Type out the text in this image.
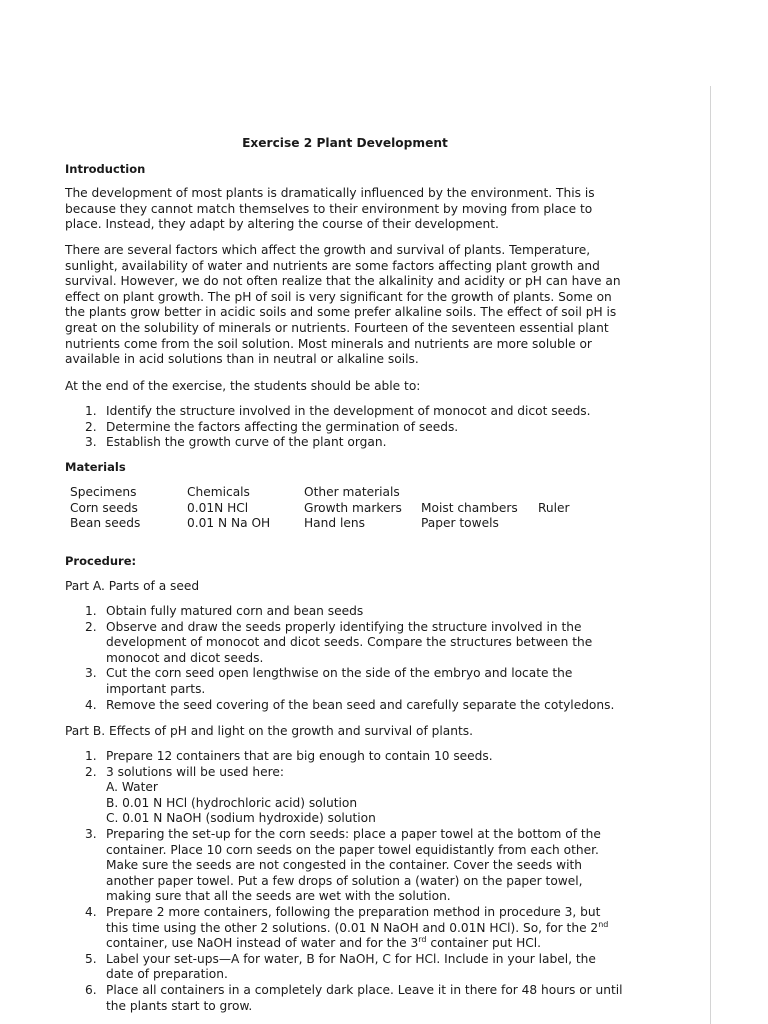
Exercise 2 Plant Development
Introduction
The development of most plants is dramatically influenced by the environment. This is because they cannot match themselves to their environment by moving from place to place. Instead, they adapt by altering the course of their development.
There are several factors which affect the growth and survival of plants. Temperature, sunlight, availability of water and nutrients are some factors affecting plant growth and survival. However, we do not often realize that the alkalinity and acidity or pH can have an effect on plant growth. The pH of soil is very significant for the growth of plants. Some on the plants grow better in acidic soils and some prefer alkaline soils. The effect of soil pH is great on the solubility of minerals or nutrients. Fourteen of the seventeen essential plant nutrients come from the soil solution. Most minerals and nutrients are more soluble or available in acid solutions than in neutral or alkaline soils.
At the end of the exercise, the students should be able to:
1. Identify the structure involved in the development of monocot and dicot seeds.
2. Determine the factors affecting the germination of seeds.
3. Establish the growth curve of the plant organ.
Materials
Specimens	Chemicals	Other materials		
Corn seeds	0.01N HCl	Growth markers	Moist chambers	Ruler
Bean seeds	0.01 N Na OH	Hand lens	Paper towels	
Procedure:
Part A. Parts of a seed
1. Obtain fully matured corn and bean seeds
2. Observe and draw the seeds properly identifying the structure involved in the development of monocot and dicot seeds. Compare the structures between the monocot and dicot seeds.
3. Cut the corn seed open lengthwise on the side of the embryo and locate the important parts.
4. Remove the seed covering of the bean seed and carefully separate the cotyledons.
Part B. Effects of pH and light on the growth and survival of plants.
1. Prepare 12 containers that are big enough to contain 10 seeds.
2. 3 solutions will be used here:
A. Water
B. 0.01 N HCl (hydrochloric acid) solution
C. 0.01 N NaOH (sodium hydroxide) solution
3. Preparing the set-up for the corn seeds: place a paper towel at the bottom of the container. Place 10 corn seeds on the paper towel equidistantly from each other. Make sure the seeds are not congested in the container. Cover the seeds with another paper towel. Put a few drops of solution a (water) on the paper towel, making sure that all the seeds are wet with the solution.
4. Prepare 2 more containers, following the preparation method in procedure 3, but this time using the other 2 solutions. (0.01 N NaOH and 0.01N HCl). So, for the 2nd container, use NaOH instead of water and for the 3rd container put HCl.
5. Label your set-ups—A for water, B for NaOH, C for HCl. Include in your label, the date of preparation.
6. Place all containers in a completely dark place. Leave it in there for 48 hours or until the plants start to grow.
